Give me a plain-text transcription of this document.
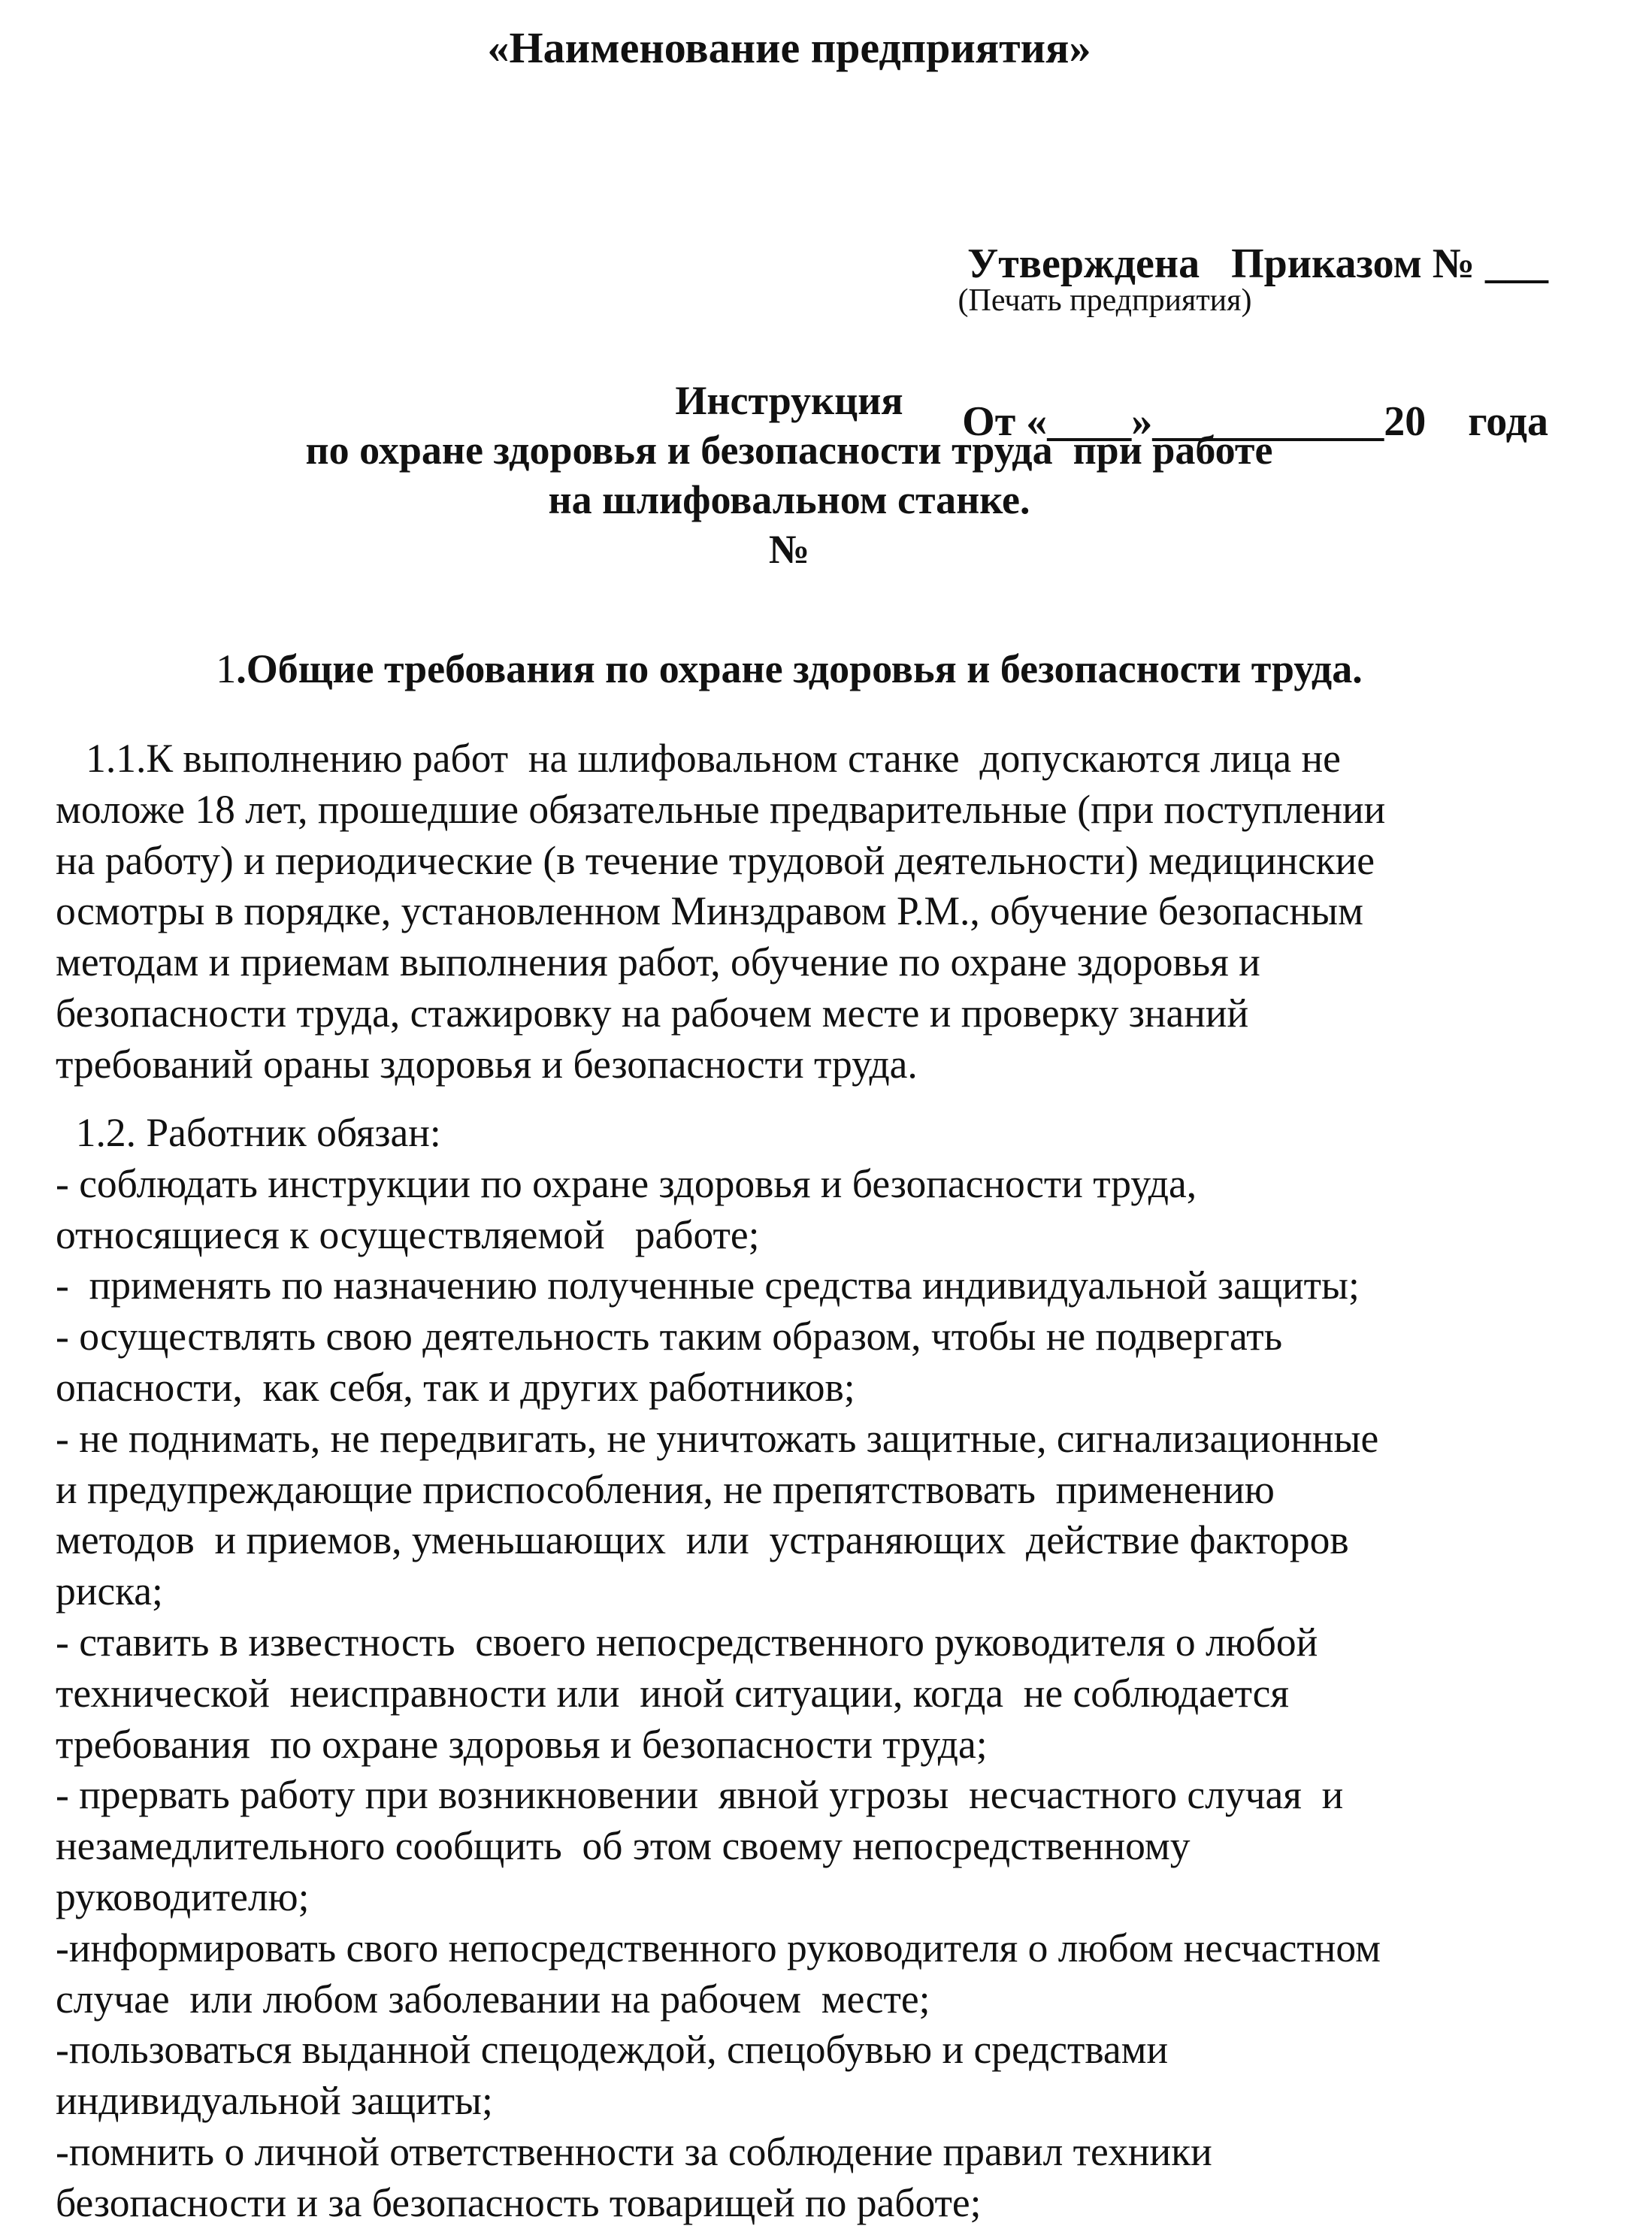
«Наименование предприятия»

Утверждена   Приказом № ___

От «____»___________20    года

(Печать предприятия)
Инструкция
по охране здоровья и безопасности труда  при работе
на шлифовальном станке.
№
1.Общие требования по охране здоровья и безопасности труда.
1.1.К выполнению работ  на шлифовальном станке  допускаются лица не
моложе 18 лет, прошедшие обязательные предварительные (при поступлении
на работу) и периодические (в течение трудовой деятельности) медицинские
осмотры в порядке, установленном Минздравом Р.М., обучение безопасным
методам и приемам выполнения работ, обучение по охране здоровья и
безопасности труда, стажировку на рабочем месте и проверку знаний
требований ораны здоровья и безопасности труда.
1.2. Работник обязан:
- соблюдать инструкции по охране здоровья и безопасности труда,
относящиеся к осуществляемой   работе;
-  применять по назначению полученные средства индивидуальной защиты;
- осуществлять свою деятельность таким образом, чтобы не подвергать
опасности,  как себя, так и других работников;
- не поднимать, не передвигать, не уничтожать защитные, сигнализационные
и предупреждающие приспособления, не препятствовать  применению
методов  и приемов, уменьшающих  или  устраняющих  действие факторов
риска;
- ставить в известность  своего непосредственного руководителя о любой
технической  неисправности или  иной ситуации, когда  не соблюдается
требования  по охране здоровья и безопасности труда;
- прервать работу при возникновении  явной угрозы  несчастного случая  и
незамедлительного сообщить  об этом своему непосредственному
руководителю;
-информировать свого непосредственного руководителя о любом несчастном
случае  или любом заболевании на рабочем  месте;
-пользоваться выданной спецодеждой, спецобувью и средствами
индивидуальной защиты;
-помнить о личной ответственности за соблюдение правил техники
безопасности и за безопасность товарищей по работе;
